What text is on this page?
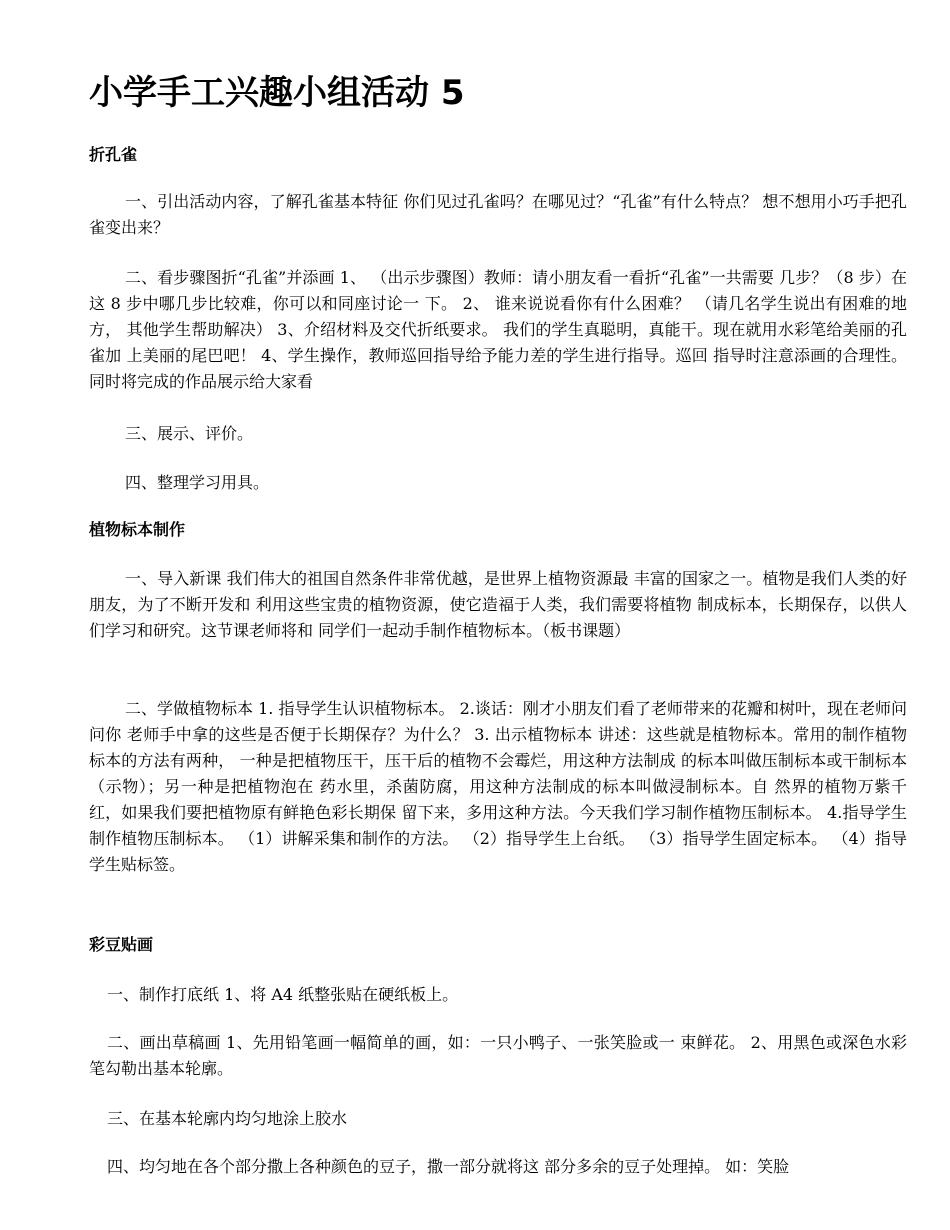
小学手工兴趣小组活动 5
折孔雀

一、引出活动内容，了解孔雀基本特征 你们见过孔雀吗？在哪见过？“孔雀”有什么特点？ 想不想用小巧手把孔雀变出来？

二、看步骤图折“孔雀”并添画 1、 （出示步骤图）教师：请小朋友看一看折“孔雀”一共需要 几步？（8 步）在这 8 步中哪几步比较难，你可以和同座讨论一 下。 2、 谁来说说看你有什么困难？ （请几名学生说出有困难的地方， 其他学生帮助解决） 3、介绍材料及交代折纸要求。 我们的学生真聪明，真能干。现在就用水彩笔给美丽的孔雀加 上美丽的尾巴吧！ 4、学生操作，教师巡回指导给予能力差的学生进行指导。巡回 指导时注意添画的合理性。同时将完成的作品展示给大家看

三、展示、评价。

四、整理学习用具。

植物标本制作

一、导入新课 我们伟大的祖国自然条件非常优越，是世界上植物资源最 丰富的国家之一。植物是我们人类的好朋友，为了不断开发和 利用这些宝贵的植物资源，使它造福于人类，我们需要将植物 制成标本，长期保存，以供人们学习和研究。这节课老师将和 同学们一起动手制作植物标本。（板书课题）

二、学做植物标本 1. 指导学生认识植物标本。 2.谈话：刚才小朋友们看了老师带来的花瓣和树叶，现在老师问 问你 老师手中拿的这些是否便于长期保存？为什么？ 3. 出示植物标本 讲述：这些就是植物标本。常用的制作植物标本的方法有两种， 一种是把植物压干，压干后的植物不会霉烂，用这种方法制成 的标本叫做压制标本或干制标本（示物）；另一种是把植物泡在 药水里，杀菌防腐，用这种方法制成的标本叫做浸制标本。自 然界的植物万紫千红，如果我们要把植物原有鲜艳色彩长期保 留下来，多用这种方法。今天我们学习制作植物压制标本。 4.指导学生制作植物压制标本。 （1）讲解采集和制作的方法。 （2）指导学生上台纸。 （3）指导学生固定标本。 （4）指导学生贴标签。

彩豆贴画

一、制作打底纸 1、将 A4 纸整张贴在硬纸板上。

二、画出草稿画 1、先用铅笔画一幅简单的画，如：一只小鸭子、一张笑脸或一 束鲜花。 2、用黑色或深色水彩笔勾勒出基本轮廓。

三、在基本轮廓内均匀地涂上胶水

四、均匀地在各个部分撒上各种颜色的豆子，撒一部分就将这 部分多余的豆子处理掉。 如：笑脸
